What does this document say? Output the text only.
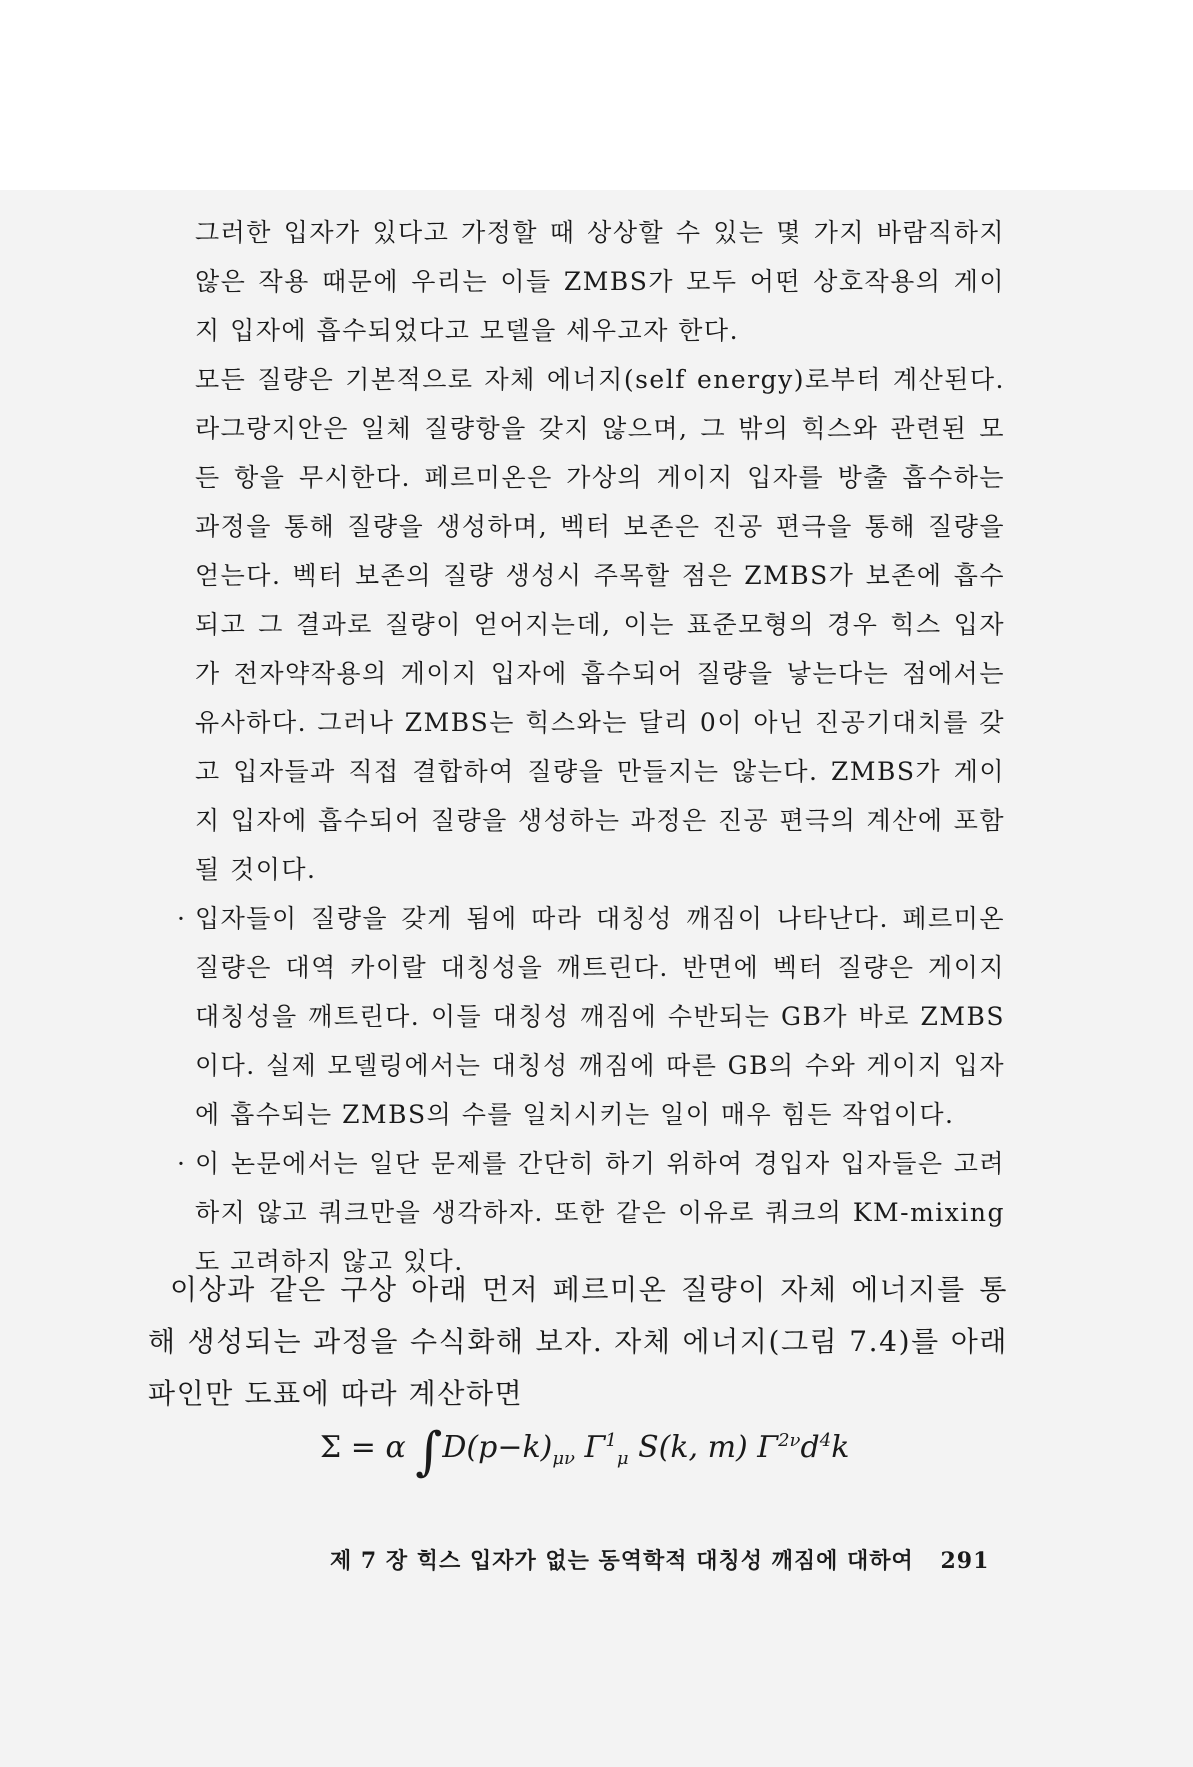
그러한 입자가 있다고 가정할 때 상상할 수 있는 몇 가지 바람직하지 않은 작용 때문에 우리는 이들 ZMBS가 모두 어떤 상호작용의 게이지 입자에 흡수되었다고 모델을 세우고자 한다.

모든 질량은 기본적으로 자체 에너지(self energy)로부터 계산된다. 라그랑지안은 일체 질량항을 갖지 않으며, 그 밖의 힉스와 관련된 모든 항을 무시한다. 페르미온은 가상의 게이지 입자를 방출 흡수하는 과정을 통해 질량을 생성하며, 벡터 보존은 진공 편극을 통해 질량을 얻는다. 벡터 보존의 질량 생성시 주목할 점은 ZMBS가 보존에 흡수되고 그 결과로 질량이 얻어지는데, 이는 표준모형의 경우 힉스 입자가 전자약작용의 게이지 입자에 흡수되어 질량을 낳는다는 점에서는 유사하다. 그러나 ZMBS는 힉스와는 달리 0이 아닌 진공기대치를 갖고 입자들과 직접 결합하여 질량을 만들지는 않는다. ZMBS가 게이지 입자에 흡수되어 질량을 생성하는 과정은 진공 편극의 계산에 포함될 것이다.

· 입자들이 질량을 갖게 됨에 따라 대칭성 깨짐이 나타난다. 페르미온 질량은 대역 카이랄 대칭성을 깨트린다. 반면에 벡터 질량은 게이지 대칭성을 깨트린다. 이들 대칭성 깨짐에 수반되는 GB가 바로 ZMBS이다. 실제 모델링에서는 대칭성 깨짐에 따른 GB의 수와 게이지 입자에 흡수되는 ZMBS의 수를 일치시키는 일이 매우 힘든 작업이다.

· 이 논문에서는 일단 문제를 간단히 하기 위하여 경입자 입자들은 고려하지 않고 쿼크만을 생각하자. 또한 같은 이유로 쿼크의 KM-mixing도 고려하지 않고 있다.

이상과 같은 구상 아래 먼저 페르미온 질량이 자체 에너지를 통해 생성되는 과정을 수식화해 보자. 자체 에너지(그림 7.4)를 아래 파인만 도표에 따라 계산하면

Σ = α $\int D(p-k)_{\mu\nu}$ $\Gamma^1_\mu$ S(k, m) $\Gamma^{2\nu}d^4k$
제 7 장 힉스 입자가 없는 동역학적 대칭성 깨짐에 대하여 291
